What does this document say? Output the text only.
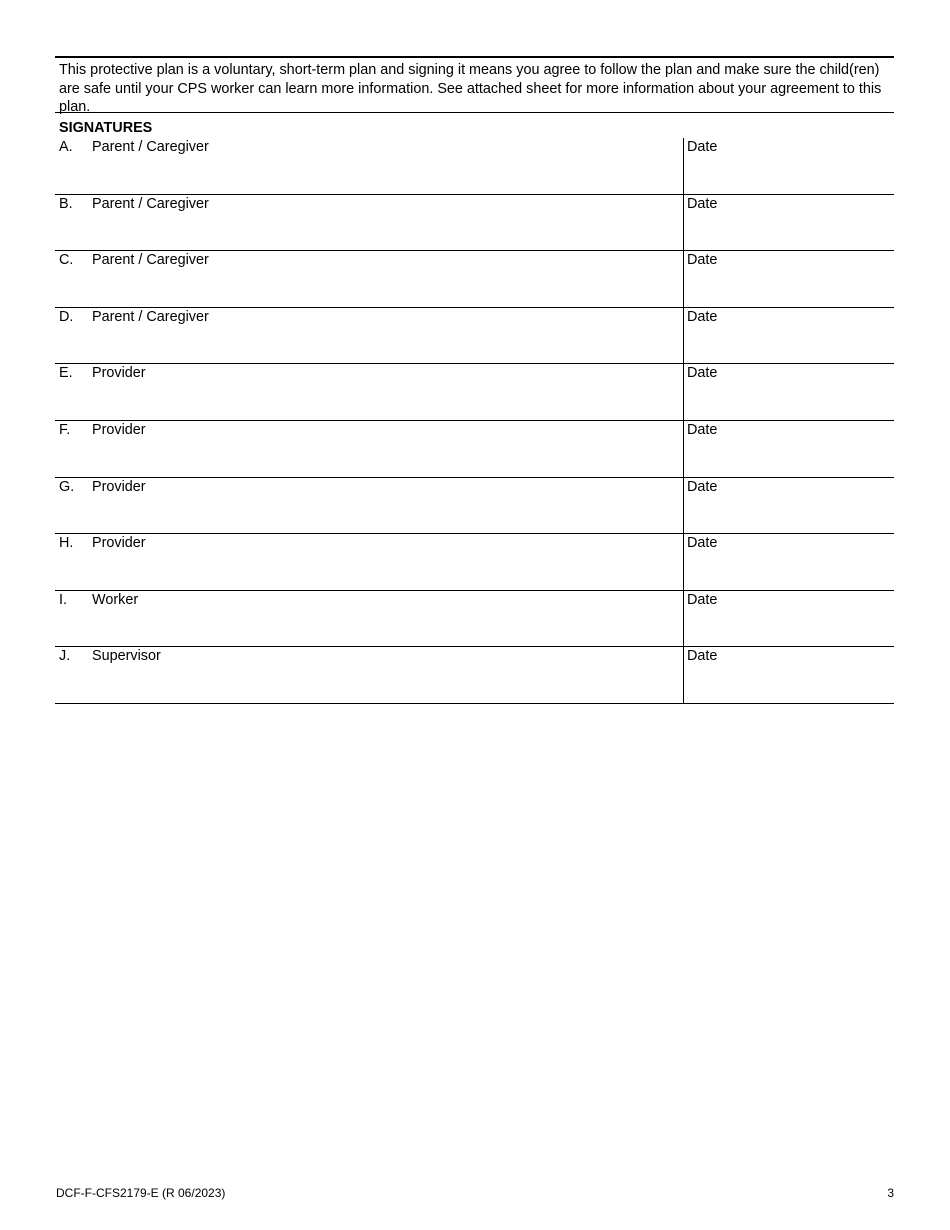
This protective plan is a voluntary, short-term plan and signing it means you agree to follow the plan and make sure the child(ren) are safe until your CPS worker can learn more information. See attached sheet for more information about your agreement to this plan.
SIGNATURES
A.	Parent / Caregiver	Date
B.	Parent / Caregiver	Date
C.	Parent / Caregiver	Date
D.	Parent / Caregiver	Date
E.	Provider	Date
F.	Provider	Date
G.	Provider	Date
H.	Provider	Date
I.	Worker	Date
J.	Supervisor	Date
DCF-F-CFS2179-E (R 06/2023)	3
